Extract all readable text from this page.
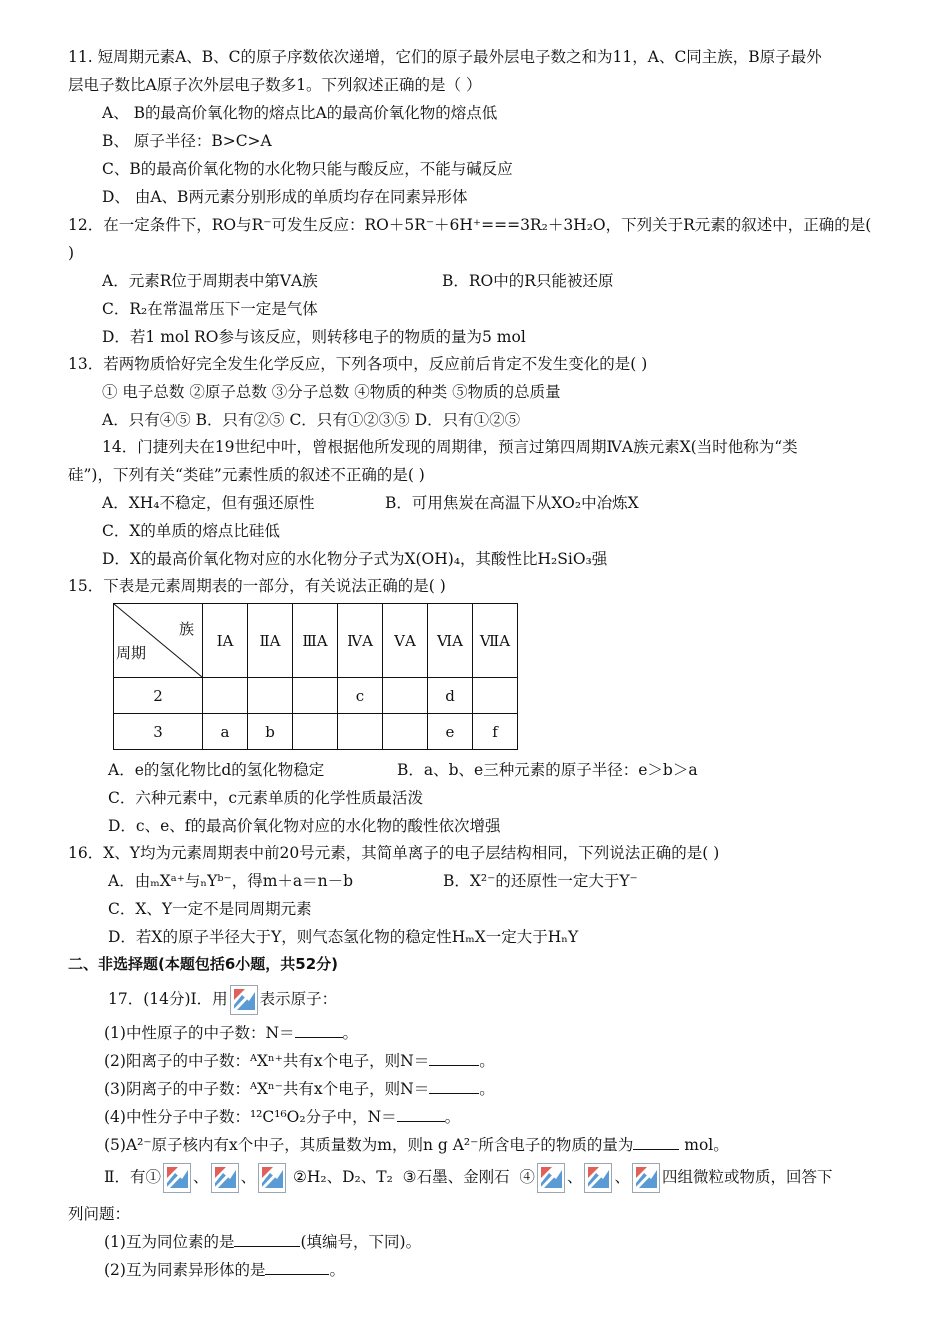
11. 短周期元素A、B、C的原子序数依次递增，它们的原子最外层电子数之和为11，A、C同主族，B原子最外
层电子数比A原子次外层电子数多1。下列叙述正确的是（ ）
A、 B的最高价氧化物的熔点比A的最高价氧化物的熔点低
B、 原子半径：B>C>A
C、B的最高价氧化物的水化物只能与酸反应，不能与碱反应
D、 由A、B两元素分别形成的单质均存在同素异形体
12．在一定条件下，RO与R⁻可发生反应：RO＋5R⁻＋6H⁺===3R₂＋3H₂O，下列关于R元素的叙述中，正确的是(
)
A．元素R位于周期表中第ⅤA族	B．RO中的R只能被还原
C．R₂在常温常压下一定是气体
D．若1 mol RO参与该反应，则转移电子的物质的量为5 mol
13．若两物质恰好完全发生化学反应，下列各项中，反应前后肯定不发生变化的是( )
① 电子总数 ②原子总数 ③分子总数 ④物质的种类 ⑤物质的总质量
A．只有④⑤ B．只有②⑤ C．只有①②③⑤ D．只有①②⑤
14．门捷列夫在19世纪中叶，曾根据他所发现的周期律，预言过第四周期ⅣA族元素X(当时他称为“类
硅”)，下列有关“类硅”元素性质的叙述不正确的是( )
A．XH₄不稳定，但有强还原性	B．可用焦炭在高温下从XO₂中冶炼X
C．X的单质的熔点比硅低
D．X的最高价氧化物对应的水化物分子式为X(OH)₄，其酸性比H₂SiO₃强
15．下表是元素周期表的一部分，有关说法正确的是( )
族
周期	ⅠA	ⅡA	ⅢA	ⅣA	ⅤA	ⅥA	ⅦA
2				c		d	
3	a	b				e	f
A．e的氢化物比d的氢化物稳定	B．a、b、e三种元素的原子半径：e＞b＞a
C．六种元素中，c元素单质的化学性质最活泼
D．c、e、f的最高价氧化物对应的水化物的酸性依次增强
16．X、Y均为元素周期表中前20号元素，其简单离子的电子层结构相同，下列说法正确的是( )
A．由ₘXᵃ⁺与ₙYᵇ⁻，得m＋a＝n－b	B．X²⁻的还原性一定大于Y⁻
C．X、Y一定不是同周期元素
D．若X的原子半径大于Y，则气态氢化物的稳定性HₘX一定大于HₙY
二、非选择题(本题包括6小题，共52分)
17．(14分)Ⅰ．用 表示原子：
(1)中性原子的中子数：N＝	。
(2)阳离子的中子数：ᴬXⁿ⁺共有x个电子，则N＝	。
(3)阴离子的中子数：ᴬXⁿ⁻共有x个电子，则N＝	。
(4)中性分子中子数：¹²C¹⁶O₂分子中，N＝	。
(5)A²⁻原子核内有x个中子，其质量数为m，则n g A²⁻所含电子的物质的量为	mol。
Ⅱ．有① 、 、
②H₂、D₂、T₂  ③石墨、金刚石  ④ 、 、 四组微粒或物质，回答下
列问题：
(1)互为同位素的是	(填编号，下同)。
(2)互为同素异形体的是	。
